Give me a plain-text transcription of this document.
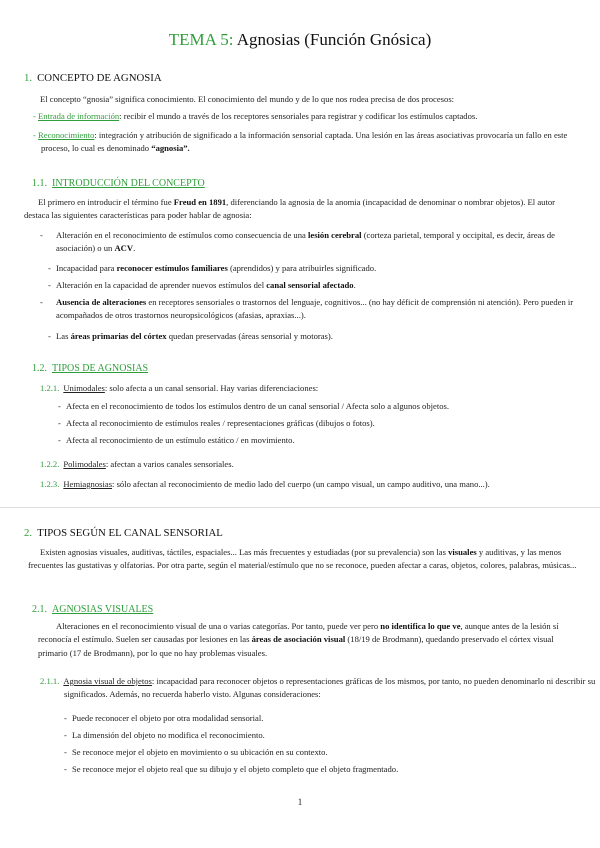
TEMA 5: Agnosias (Función Gnósica)
1. CONCEPTO DE AGNOSIA
El concepto “gnosia” significa conocimiento. El conocimiento del mundo y de lo que nos rodea precisa de dos procesos:
- Entrada de información: recibir el mundo a través de los receptores sensoriales para registrar y codificar los estímulos captados.
- Reconocimiento: integración y atribución de significado a la información sensorial captada. Una lesión en las áreas asociativas provocaría un fallo en este proceso, lo cual es denominado “agnosia”.
1.1. INTRODUCCIÓN DEL CONCEPTO
El primero en introducir el término fue Freud en 1891, diferenciando la agnosia de la anomia (incapacidad de denominar o nombrar objetos). El autor destaca las siguientes características para poder hablar de agnosia:
- Alteración en el reconocimiento de estímulos como consecuencia de una lesión cerebral (corteza parietal, temporal y occipital, es decir, áreas de asociación) o un ACV.
- Incapacidad para reconocer estímulos familiares (aprendidos) y para atribuirles significado.
- Alteración en la capacidad de aprender nuevos estímulos del canal sensorial afectado.
- Ausencia de alteraciones en receptores sensoriales o trastornos del lenguaje, cognitivos... (no hay déficit de comprensión ni atención). Pero pueden ir acompañados de otros trastornos neuropsicológicos (afasias, apraxias...).
- Las áreas primarias del córtex quedan preservadas (áreas sensorial y motoras).
1.2. TIPOS DE AGNOSIAS
1.2.1. Unimodales: solo afecta a un canal sensorial. Hay varias diferenciaciones:
- Afecta en el reconocimiento de todos los estímulos dentro de un canal sensorial / Afecta solo a algunos objetos.
- Afecta al reconocimiento de estímulos reales / representaciones gráficas (dibujos o fotos).
- Afecta al reconocimiento de un estímulo estático / en movimiento.
1.2.2. Polimodales: afectan a varios canales sensoriales.
1.2.3. Hemiagnosias: sólo afectan al reconocimiento de medio lado del cuerpo (un campo visual, un campo auditivo, una mano...).
2. TIPOS SEGÚN EL CANAL SENSORIAL
Existen agnosias visuales, auditivas, táctiles, espaciales... Las más frecuentes y estudiadas (por su prevalencia) son las visuales y auditivas, y las menos frecuentes las gustativas y olfatorias. Por otra parte, según el material/estímulo que no se reconoce, pueden afectar a caras, objetos, colores, palabras, músicas...
2.1. AGNOSIAS VISUALES
Alteraciones en el reconocimiento visual de una o varias categorías. Por tanto, puede ver pero no identifica lo que ve, aunque antes de la lesión sí reconocía el estímulo. Suelen ser causadas por lesiones en las áreas de asociación visual (18/19 de Brodmann), quedando preservado el córtex visual primario (17 de Brodmann), por lo que no hay problemas visuales.
2.1.1. Agnosia visual de objetos: incapacidad para reconocer objetos o representaciones gráficas de los mismos, por tanto, no pueden denominarlo ni describir su significados. Además, no recuerda haberlo visto. Algunas consideraciones:
- Puede reconocer el objeto por otra modalidad sensorial.
- La dimensión del objeto no modifica el reconocimiento.
- Se reconoce mejor el objeto en movimiento o su ubicación en su contexto.
- Se reconoce mejor el objeto real que su dibujo y el objeto completo que el objeto fragmentado.
1
